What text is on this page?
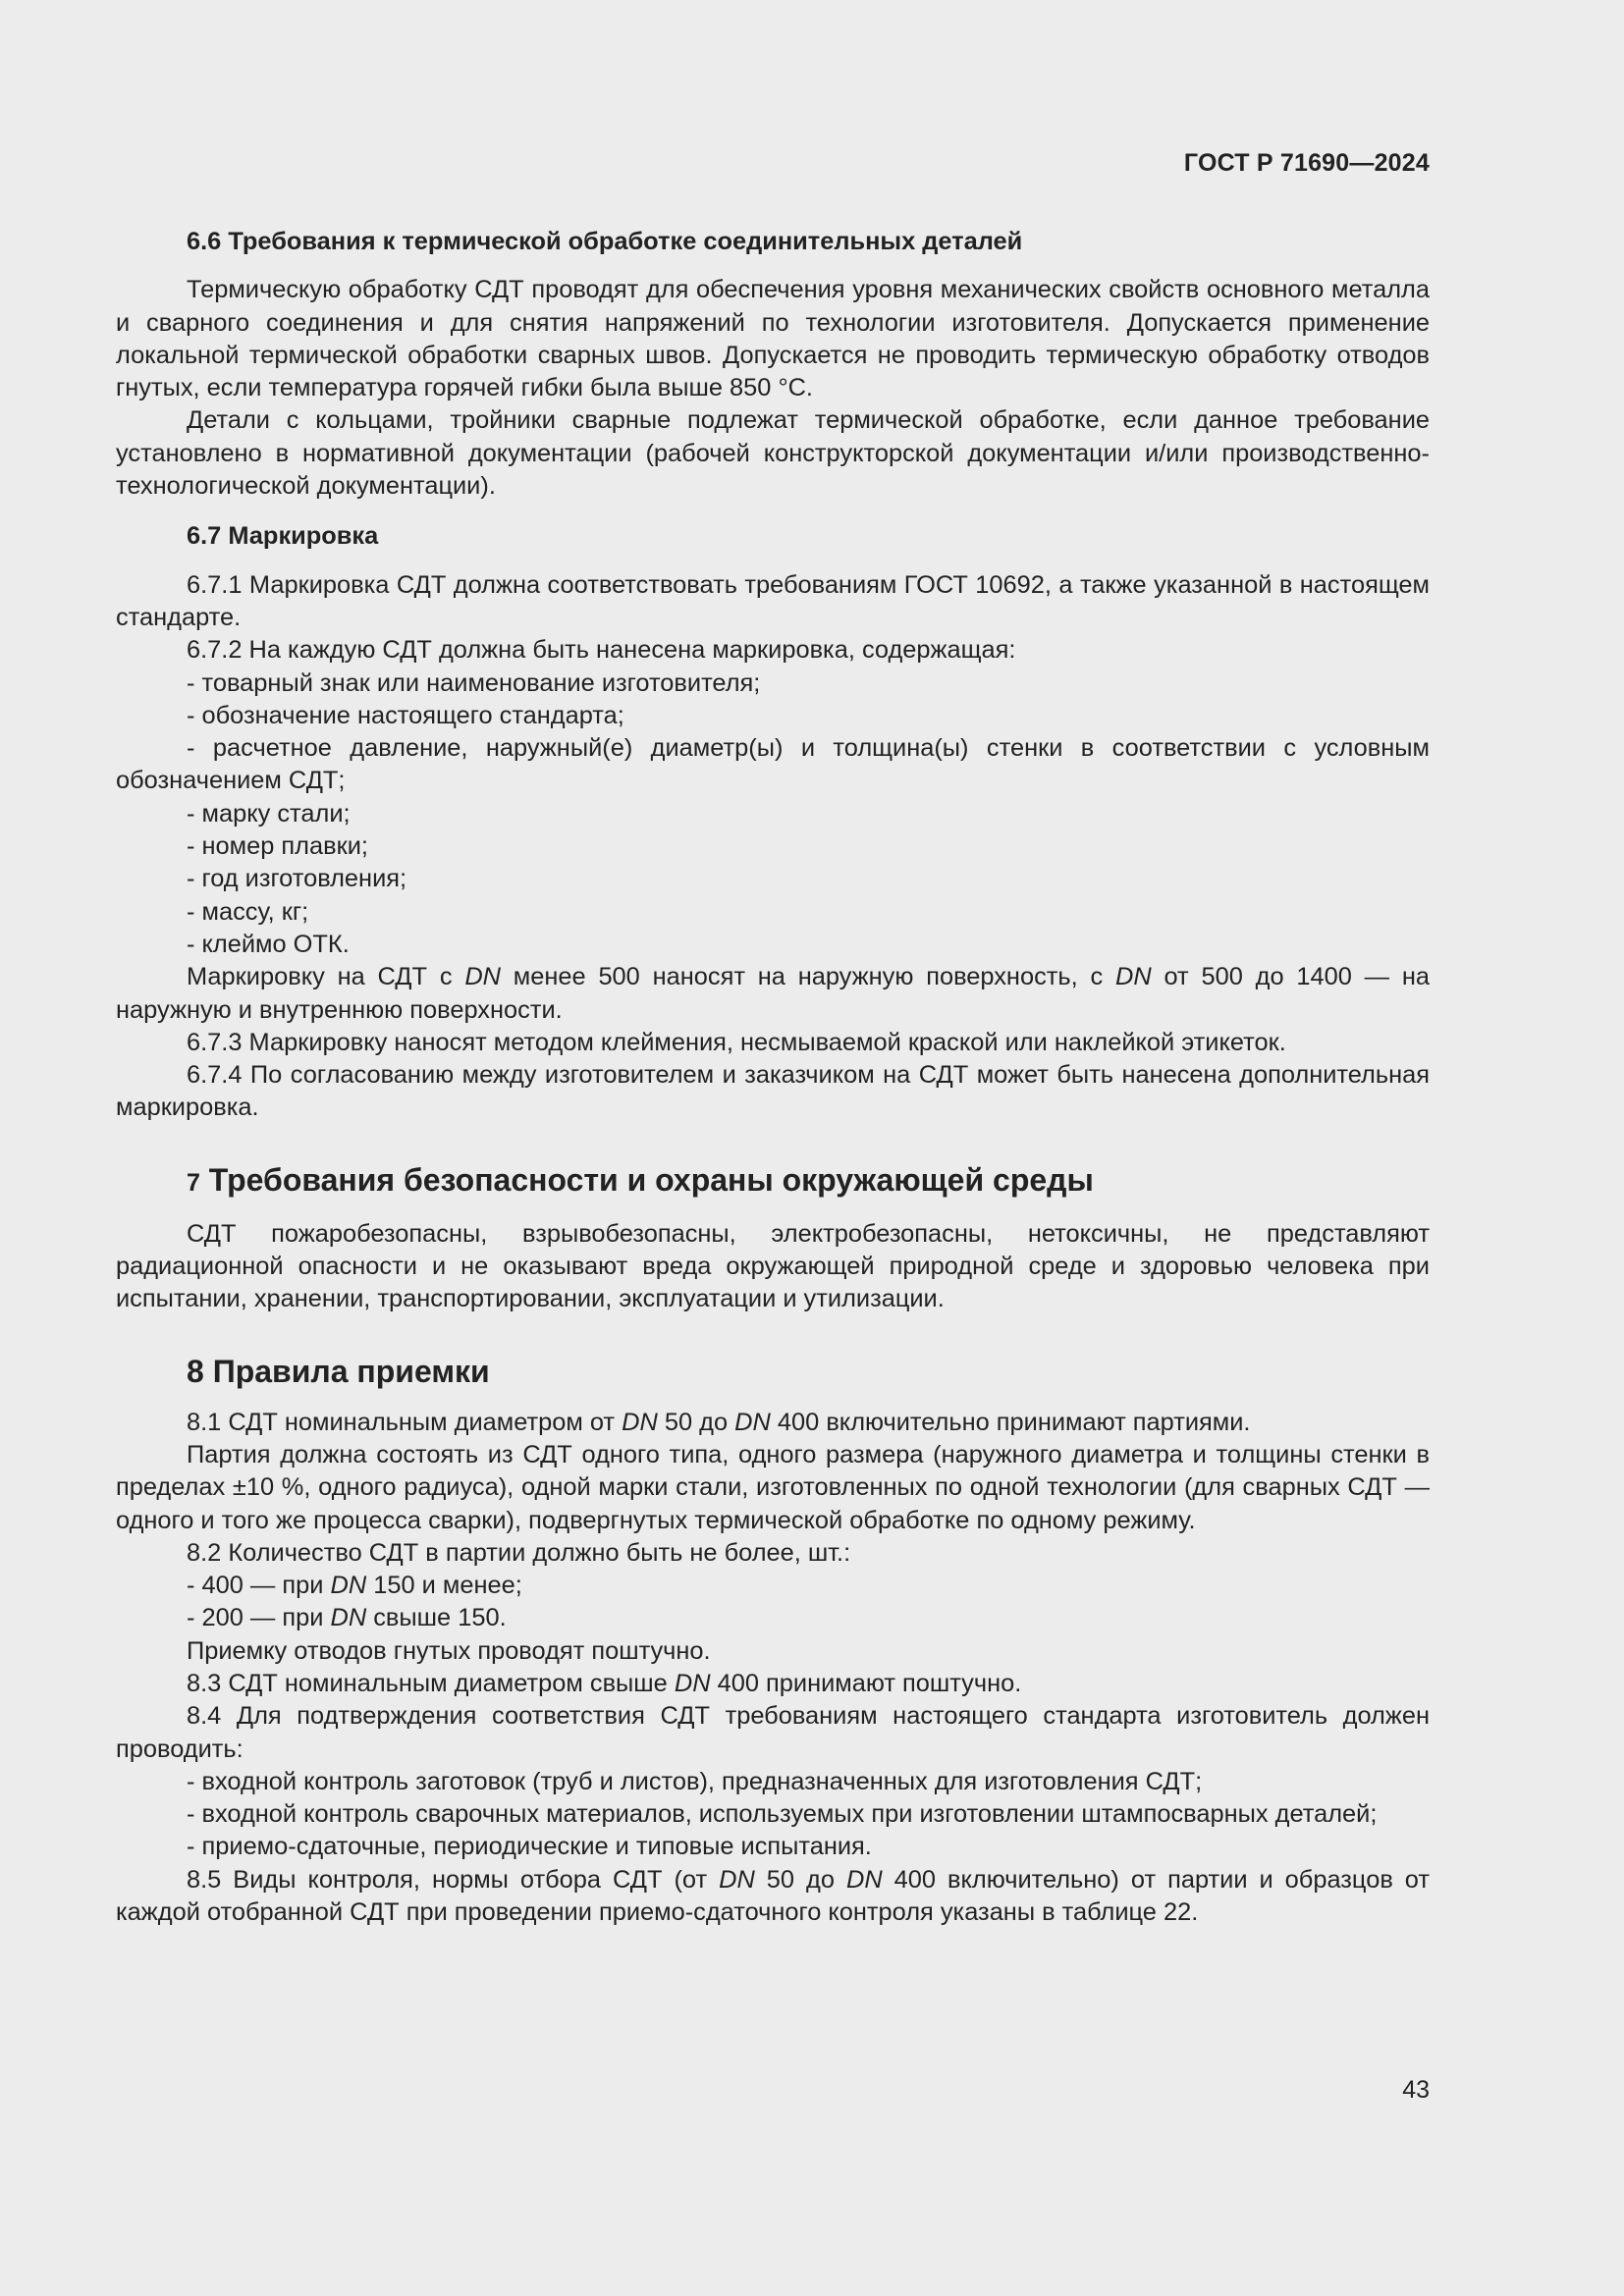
ГОСТ Р 71690—2024
6.6 Требования к термической обработке соединительных деталей

Термическую обработку СДТ проводят для обеспечения уровня механических свойств основного металла и сварного соединения и для снятия напряжений по технологии изготовителя. Допускается применение локальной термической обработки сварных швов. Допускается не проводить термическую обработку отводов гнутых, если температура горячей гибки была выше 850 °С.

Детали с кольцами, тройники сварные подлежат термической обработке, если данное требование установлено в нормативной документации (рабочей конструкторской документации и/или производственно-технологической документации).

6.7 Маркировка

6.7.1 Маркировка СДТ должна соответствовать требованиям ГОСТ 10692, а также указанной в настоящем стандарте.

6.7.2 На каждую СДТ должна быть нанесена маркировка, содержащая:

- товарный знак или наименование изготовителя;

- обозначение настоящего стандарта;

- расчетное давление, наружный(е) диаметр(ы) и толщина(ы) стенки в соответствии с условным обозначением СДТ;

- марку стали;

- номер плавки;

- год изготовления;

- массу, кг;

- клеймо ОТК.

Маркировку на СДТ с DN менее 500 наносят на наружную поверхность, с DN от 500 до 1400 — на наружную и внутреннюю поверхности.

6.7.3 Маркировку наносят методом клеймения, несмываемой краской или наклейкой этикеток.

6.7.4 По согласованию между изготовителем и заказчиком на СДТ может быть нанесена дополнительная маркировка.

7 Требования безопасности и охраны окружающей среды

СДТ пожаробезопасны, взрывобезопасны, электробезопасны, нетоксичны, не представляют радиационной опасности и не оказывают вреда окружающей природной среде и здоровью человека при испытании, хранении, транспортировании, эксплуатации и утилизации.

8 Правила приемки

8.1 СДТ номинальным диаметром от DN 50 до DN 400 включительно принимают партиями.

Партия должна состоять из СДТ одного типа, одного размера (наружного диаметра и толщины стенки в пределах ±10 %, одного радиуса), одной марки стали, изготовленных по одной технологии (для сварных СДТ — одного и того же процесса сварки), подвергнутых термической обработке по одному режиму.

8.2 Количество СДТ в партии должно быть не более, шт.:

- 400 — при DN 150 и менее;

- 200 — при DN свыше 150.

Приемку отводов гнутых проводят поштучно.

8.3 СДТ номинальным диаметром свыше DN 400 принимают поштучно.

8.4 Для подтверждения соответствия СДТ требованиям настоящего стандарта изготовитель должен проводить:

- входной контроль заготовок (труб и листов), предназначенных для изготовления СДТ;

- входной контроль сварочных материалов, используемых при изготовлении штампосварных деталей;

- приемо-сдаточные, периодические и типовые испытания.

8.5 Виды контроля, нормы отбора СДТ (от DN 50 до DN 400 включительно) от партии и образцов от каждой отобранной СДТ при проведении приемо-сдаточного контроля указаны в таблице 22.

43
